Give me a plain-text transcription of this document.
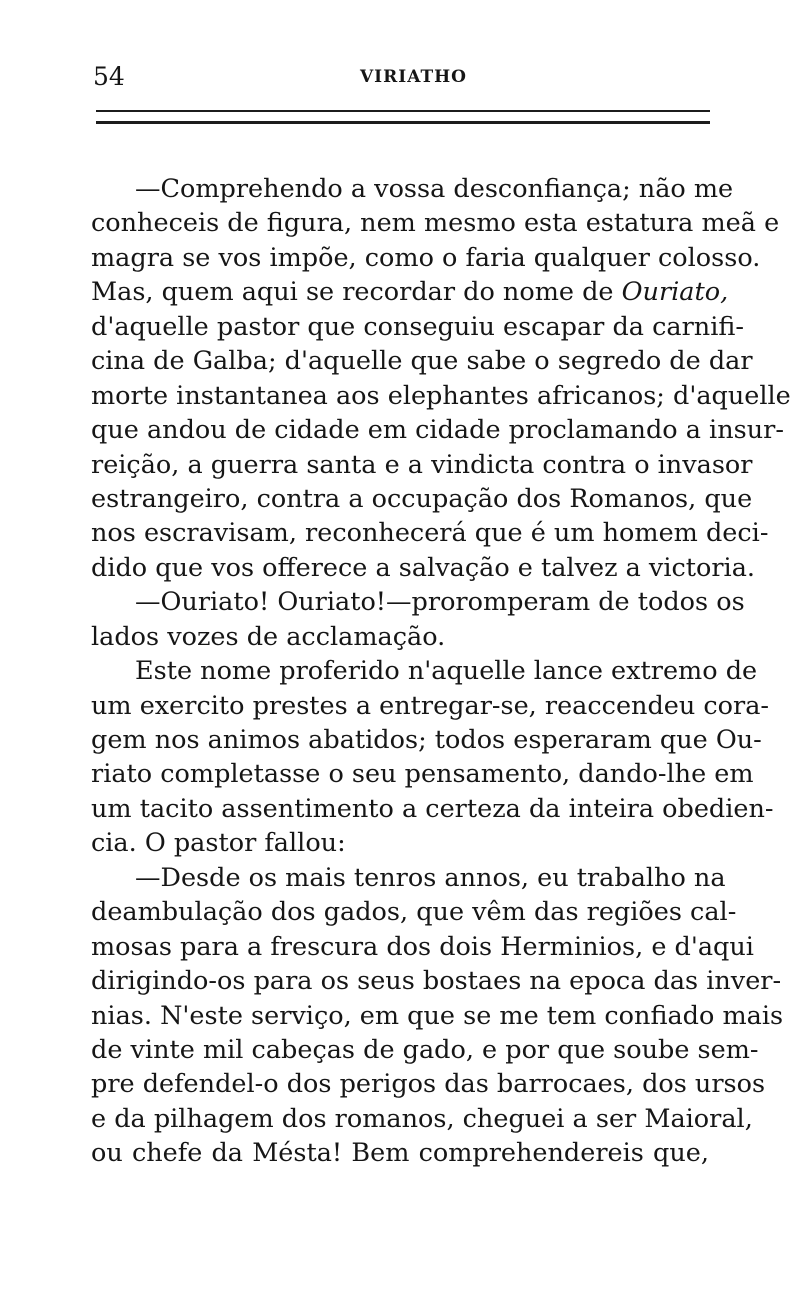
54	VIRIATHO
—Comprehendo a vossa desconfiança; não me
conheceis de figura, nem mesmo esta estatura meã e
magra se vos impõe, como o faria qualquer colosso.
Mas, quem aqui se recordar do nome de Ouriato,
d'aquelle pastor que conseguiu escapar da carnifi-
cina de Galba; d'aquelle que sabe o segredo de dar
morte instantanea aos elephantes africanos; d'aquelle
que andou de cidade em cidade proclamando a insur-
reição, a guerra santa e a vindicta contra o invasor
estrangeiro, contra a occupação dos Romanos, que
nos escravisam, reconhecerá que é um homem deci-
dido que vos offerece a salvação e talvez a victoria.
—Ouriato! Ouriato!—proromperam de todos os
lados vozes de acclamação.
Este nome proferido n'aquelle lance extremo de
um exercito prestes a entregar-se, reaccendeu cora-
gem nos animos abatidos; todos esperaram que Ou-
riato completasse o seu pensamento, dando-lhe em
um tacito assentimento a certeza da inteira obedien-
cia. O pastor fallou:
—Desde os mais tenros annos, eu trabalho na
deambulação dos gados, que vêm das regiões cal-
mosas para a frescura dos dois Herminios, e d'aqui
dirigindo-os para os seus bostaes na epoca das inver-
nias. N'este serviço, em que se me tem confiado mais
de vinte mil cabeças de gado, e por que soube sem-
pre defendel-o dos perigos das barrocaes, dos ursos
e da pilhagem dos romanos, cheguei a ser Maioral,
ou chefe da Mésta! Bem comprehendereis que,
